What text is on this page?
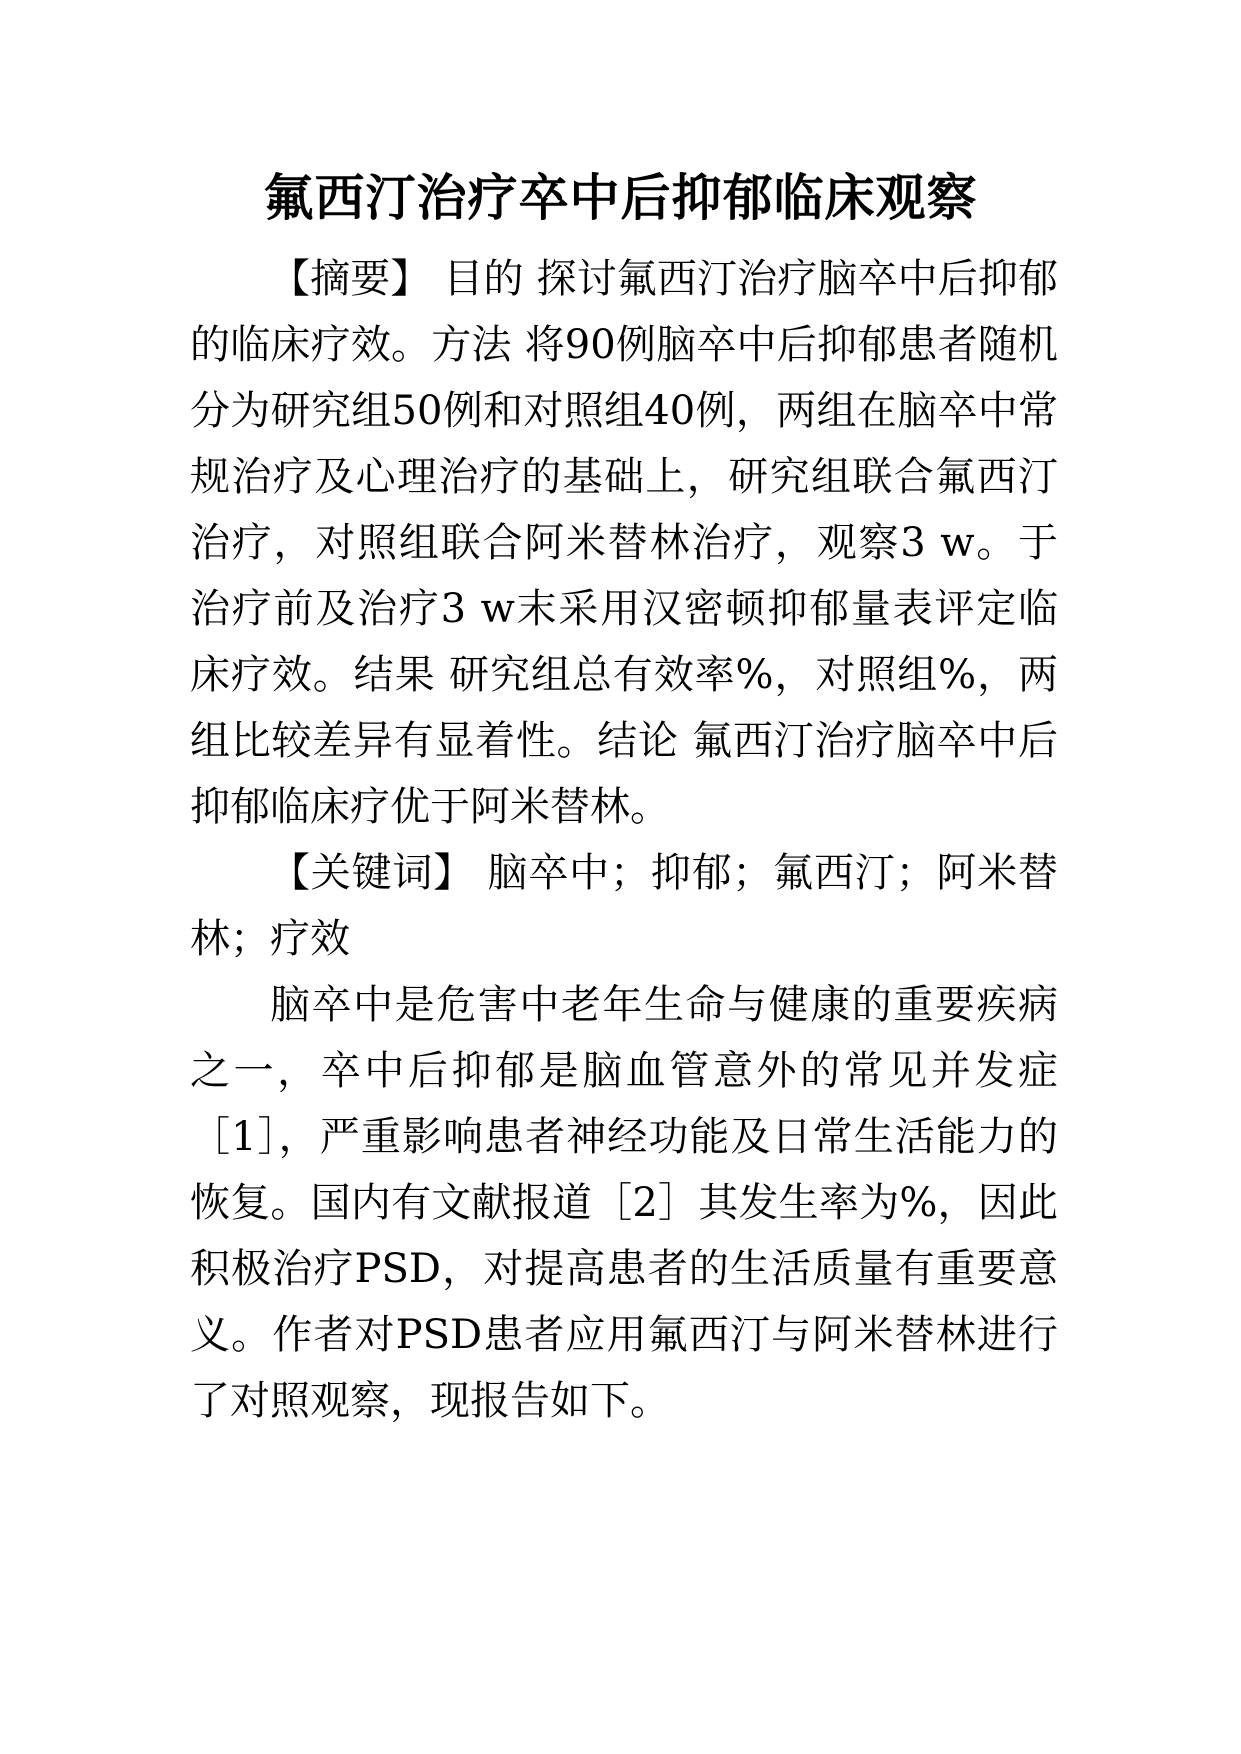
氟西汀治疗卒中后抑郁临床观察

【摘要】 目的 探讨氟西汀治疗脑卒中后抑郁的临床疗效。方法 将90例脑卒中后抑郁患者随机分为研究组50例和对照组40例，两组在脑卒中常规治疗及心理治疗的基础上，研究组联合氟西汀治疗，对照组联合阿米替林治疗，观察3 w。于治疗前及治疗3 w末采用汉密顿抑郁量表评定临床疗效。结果 研究组总有效率%，对照组%，两组比较差异有显着性。结论 氟西汀治疗脑卒中后抑郁临床疗优于阿米替林。

【关键词】 脑卒中；抑郁；氟西汀；阿米替林；疗效

脑卒中是危害中老年生命与健康的重要疾病之一，卒中后抑郁是脑血管意外的常见并发症［1］，严重影响患者神经功能及日常生活能力的恢复。国内有文献报道［2］其发生率为%，因此积极治疗PSD，对提高患者的生活质量有重要意义。作者对PSD患者应用氟西汀与阿米替林进行了对照观察，现报告如下。
